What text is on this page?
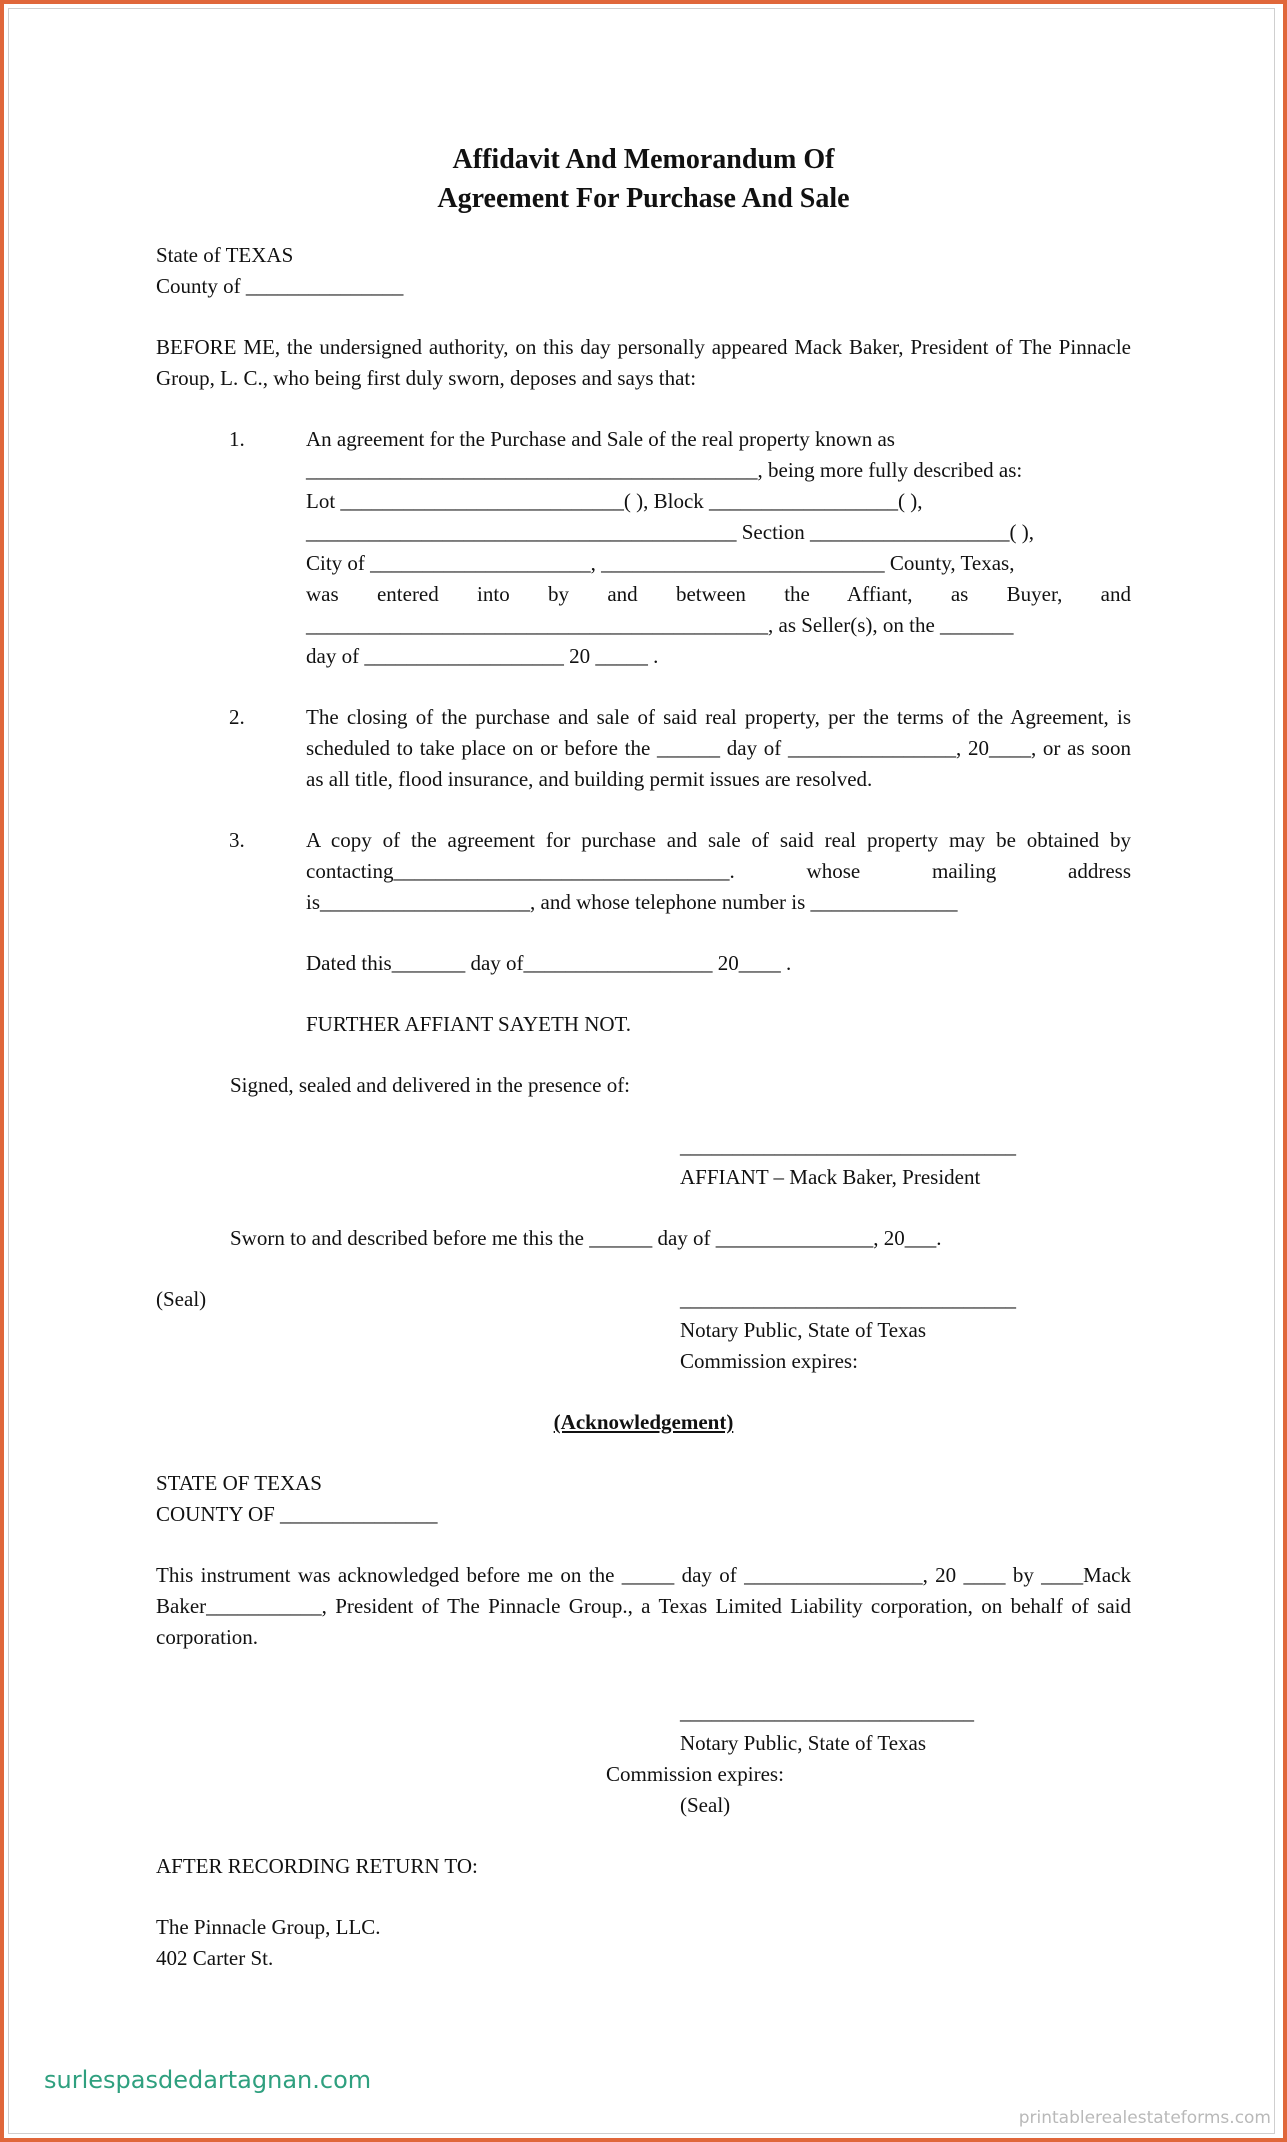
Affidavit And Memorandum Of
Agreement For Purchase And Sale

State of TEXAS

County of _______________

BEFORE ME, the undersigned authority, on this day personally appeared Mack Baker, President of The Pinnacle Group, L. C., who being first duly sworn, deposes and says that:

1.	An agreement for the Purchase and Sale of the real property known as
___________________________________________, being more fully described as:
Lot ___________________________( ), Block __________________( ),
_________________________________________ Section ___________________( ),
City of _____________________, ___________________________ County, Texas,
was entered into by and between the Affiant, as Buyer, and
____________________________________________, as Seller(s), on the _______
day of ___________________ 20 _____ .
2.	The closing of the purchase and sale of said real property, per the terms of the Agreement, is scheduled to take place on or before the ______ day of ________________, 20____, or as soon as all title, flood insurance, and building permit issues are resolved.
3.	A copy of the agreement for purchase and sale of said real property may be obtained by contacting________________________________. whose mailing address is____________________, and whose telephone number is ______________

Dated this_______ day of__________________ 20____ .

FURTHER AFFIANT SAYETH NOT.

Signed, sealed and delivered in the presence of:

________________________________

AFFIANT – Mack Baker, President

Sworn to and described before me this the ______ day of _______________, 20___.

(Seal)	________________________________

Notary Public, State of Texas

Commission expires:

(Acknowledgement)

STATE OF TEXAS

COUNTY OF _______________

This instrument was acknowledged before me on the _____ day of _________________, 20 ____ by ____Mack Baker___________, President of The Pinnacle Group., a Texas Limited Liability corporation, on behalf of said corporation.

____________________________

Notary Public, State of Texas

Commission expires:

(Seal)

AFTER RECORDING RETURN TO:

The Pinnacle Group, LLC.

402 Carter St.

surlespasdedartagnan.com
printablerealestateforms.com
